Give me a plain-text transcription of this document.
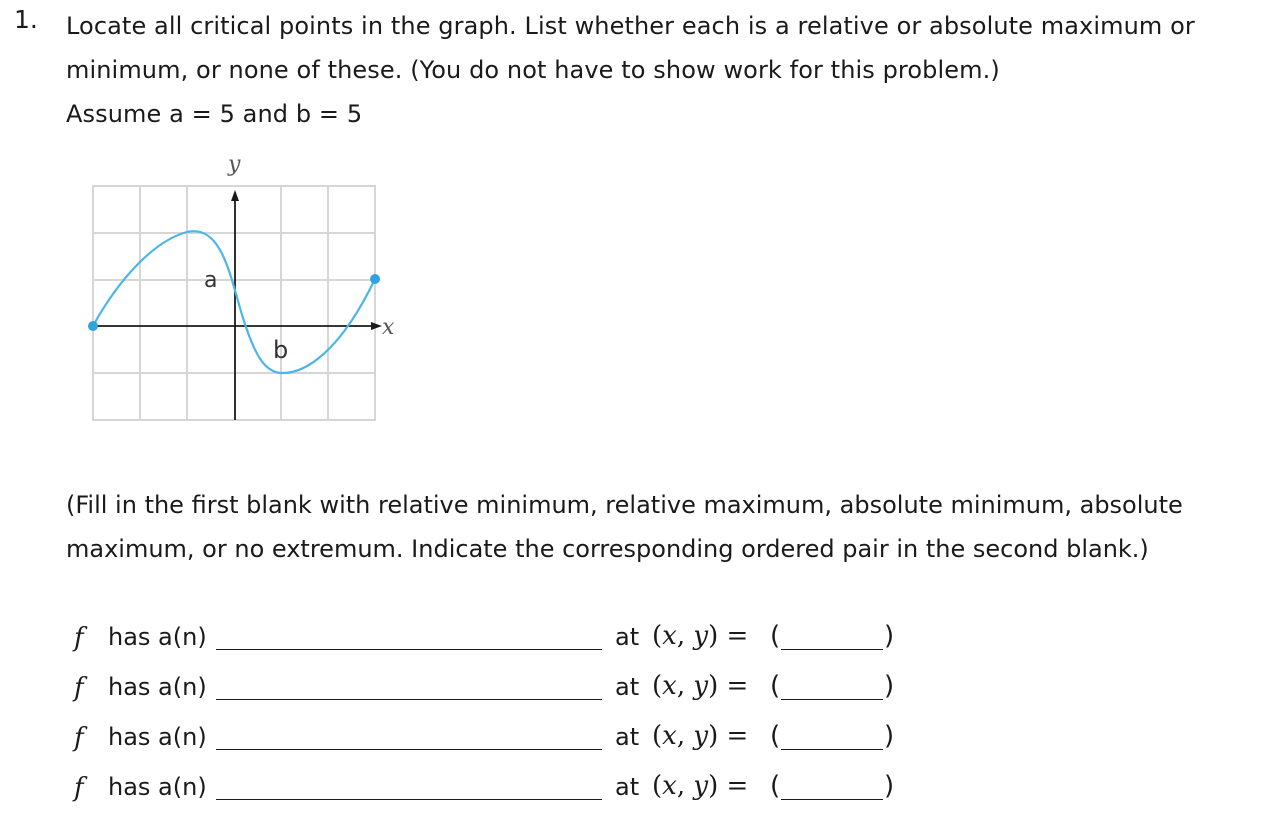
1. Locate all critical points in the graph. List whether each is a relative or absolute maximum or

minimum, or none of these. (You do not have to show work for this problem.)

Assume a = 5 and b = 5

y
x
a
b

(Fill in the first blank with relative minimum, relative maximum, absolute minimum, absolute

maximum, or no extremum. Indicate the corresponding ordered pair in the second blank.)

f has a(n)	at (x, y) = (	)
f has a(n)	at (x, y) = (	)
f has a(n)	at (x, y) = (	)
f has a(n)	at (x, y) = (	)
